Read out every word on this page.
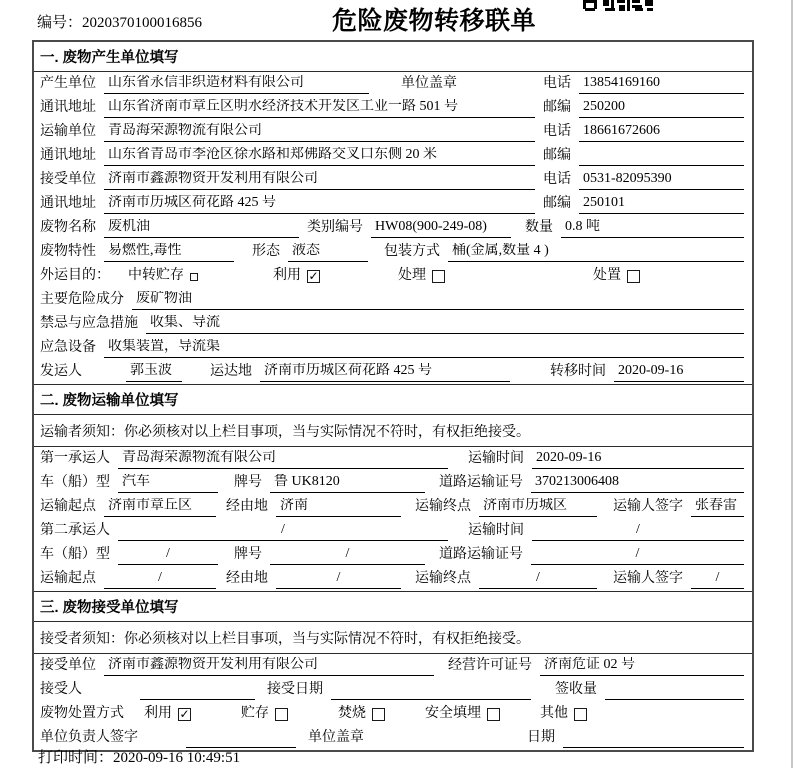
编号：2020370100016856	危险废物转移联单
一. 废物产生单位填写
产生单位 山东省永信非织造材料有限公司	单位盖章	电话 13854169160
通讯地址 山东省济南市章丘区明水经济技术开发区工业一路 501 号	邮编 250200
运输单位 青岛海荣源物流有限公司	电话 18661672606
通讯地址 山东省青岛市李沧区徐水路和郑佛路交叉口东侧 20 米	邮编
接受单位 济南市鑫源物资开发利用有限公司	电话 0531-82095390
通讯地址 济南市历城区荷花路 425 号	邮编 250101
废物名称 废机油	类别编号 HW08(900-249-08)	数量 0.8 吨
废物特性 易燃性,毒性	形态 液态	包装方式 桶(金属,数量 4 )
外运目的： 中转贮存	利用 ✓	处理	处置
主要危险成分 废矿物油
禁忌与应急措施 收集、导流
应急设备 收集装置，导流渠
发运人	郭玉波	运达地 济南市历城区荷花路 425 号	转移时间 2020-09-16
二. 废物运输单位填写
运输者须知：你必须核对以上栏目事项，当与实际情况不符时，有权拒绝接受。
第一承运人 青岛海荣源物流有限公司	运输时间 2020-09-16
车（船）型 汽车	牌号 鲁 UK8120	道路运输证号 370213006408
运输起点 济南市章丘区	经由地 济南	运输终点 济南市历城区	运输人签字 张春雷
第二承运人	/	运输时间	/
车（船）型	/	牌号	/	道路运输证号	/
运输起点	/	经由地	/	运输终点	/	运输人签字	/
三. 废物接受单位填写
接受者须知：你必须核对以上栏目事项，当与实际情况不符时，有权拒绝接受。
接受单位 济南市鑫源物资开发利用有限公司	经营许可证号 济南危证 02 号
接受人	接受日期	签收量
废物处置方式 利用 ✓	贮存	焚烧	安全填埋	其他
单位负责人签字	单位盖章	日期
打印时间：2020-09-16 10:49:51
